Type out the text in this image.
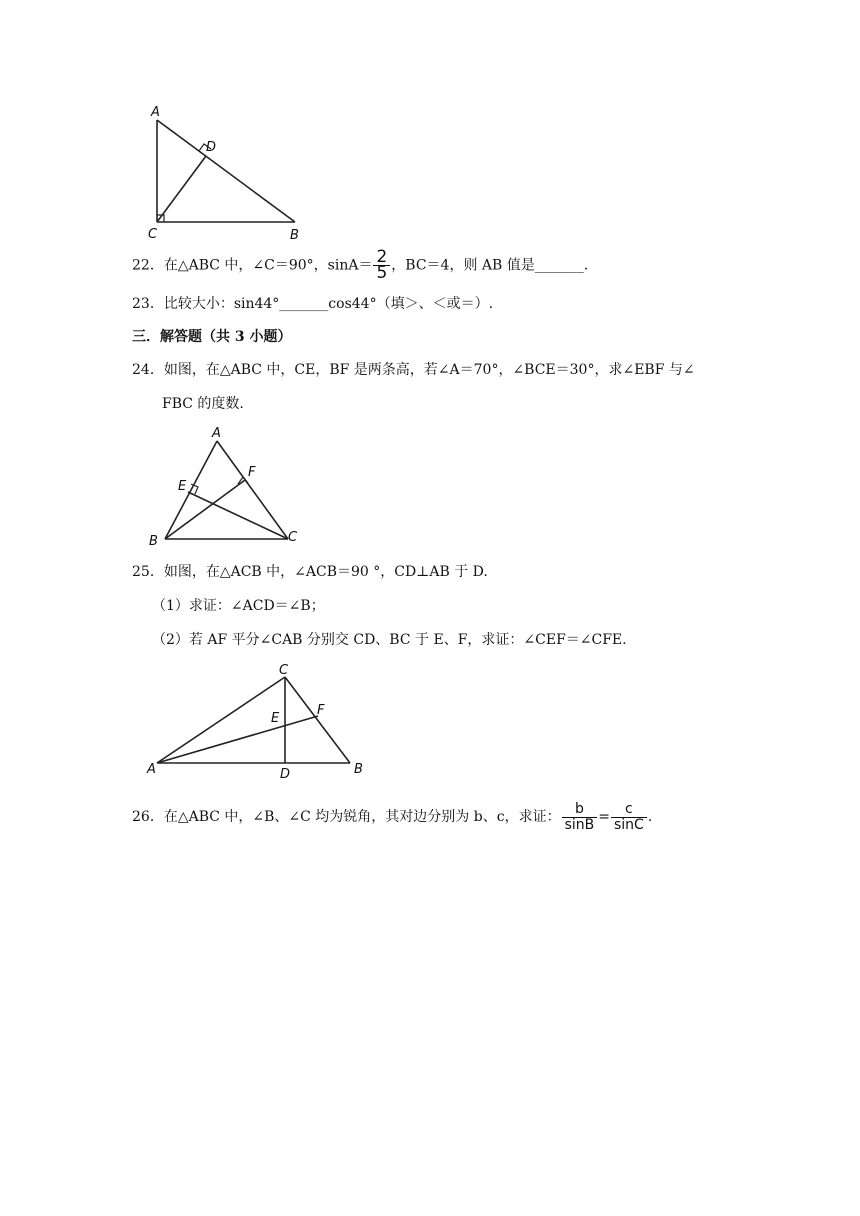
A
D
C	B
22．在△ABC 中，∠C＝90°，$\sin A= \frac{2}{5}$ ，BC＝4，则 AB 值是_______.
23．比较大小：sin44°_______cos44°（填＞、＜或＝）.
三．解答题（共 3 小题）
24．如图，在△ABC 中，CE，BF 是两条高，若∠A＝70°，∠BCE＝30°，求∠EBF 与∠
FBC 的度数.
A
E
F
B	C
25．如图，在△ACB 中，∠ACB＝90 °，CD⊥AB 于 D.
（1）求证：∠ACD＝∠B；
（2）若 AF 平分∠CAB 分别交 CD、BC 于 E、F，求证：∠CEF＝∠CFE.
C
E
F
A	D	B
26．在△ABC 中，∠B、∠C 均为锐角，其对边分别为 b、c，求证： $\frac{b}{\sin B} = \frac{c}{\sin C}$ .
